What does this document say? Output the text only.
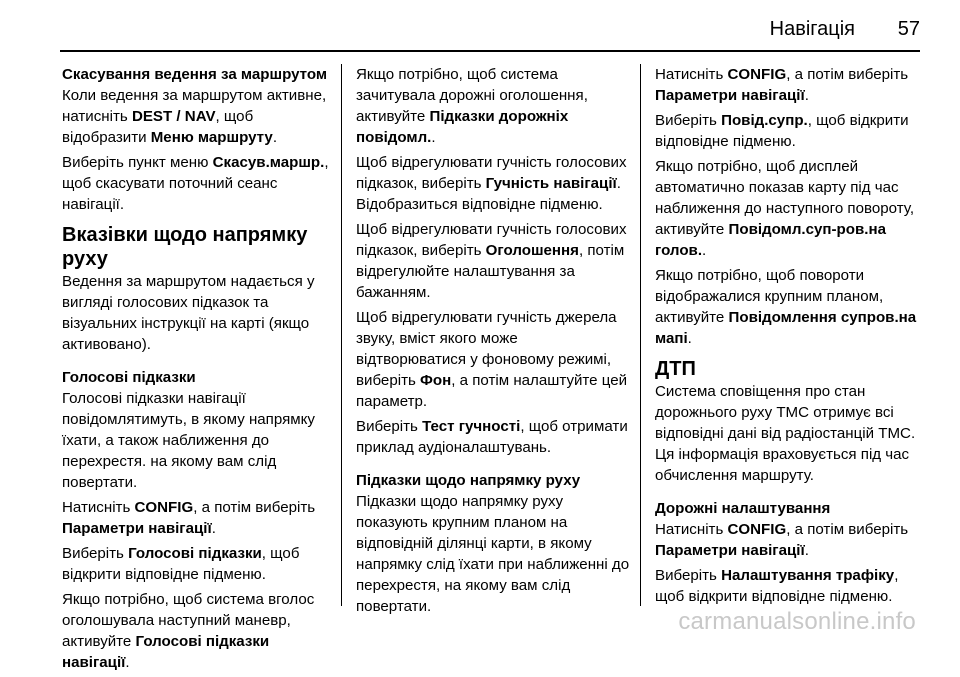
Навігація 57
Скасування ведення за маршрутом

Коли ведення за маршрутом активне, натисніть DEST / NAV, щоб відобразити Меню маршруту.

Виберіть пункт меню Скасув.маршр., щоб скасувати поточний сеанс навігації.

Вказівки щодо напрямку руху

Ведення за маршрутом надається у вигляді голосових підказок та візуальних інструкції на карті (якщо активовано).

Голосові підказки

Голосові підказки навігації повідомлятимуть, в якому напрямку їхати, а також наближення до перехрестя. на якому вам слід повертати.

Натисніть CONFIG, а потім виберіть Параметри навігації.

Виберіть Голосові підказки, щоб відкрити відповідне підменю.

Якщо потрібно, щоб система вголос оголошувала наступний маневр, активуйте Голосові підказки навігації.

Якщо потрібно, щоб система зачитувала дорожні оголошення, активуйте Підказки дорожніх повідомл..

Щоб відрегулювати гучність голосових підказок, виберіть Гучність навігації. Відобразиться відповідне підменю.

Щоб відрегулювати гучність голосових підказок, виберіть Оголошення, потім відрегулюйте налаштування за бажанням.

Щоб відрегулювати гучність джерела звуку, вміст якого може відтворюватися у фоновому режимі, виберіть Фон, а потім налаштуйте цей параметр.

Виберіть Тест гучності, щоб отримати приклад аудіоналаштувань.

Підказки щодо напрямку руху

Підказки щодо напрямку руху показують крупним планом на відповідній ділянці карти, в якому напрямку слід їхати при наближенні до перехрестя, на якому вам слід повертати.

Натисніть CONFIG, а потім виберіть Параметри навігації.

Виберіть Повід.супр., щоб відкрити відповідне підменю.

Якщо потрібно, щоб дисплей автоматично показав карту під час наближення до наступного повороту, активуйте Повідомл.суп-ров.на голов..

Якщо потрібно, щоб повороти відображалися крупним планом, активуйте Повідомлення супров.на мапі.

ДТП

Система сповіщення про стан дорожнього руху TMC отримує всі відповідні дані від радіостанцій TMC. Ця інформація враховується під час обчислення маршруту.

Дорожні налаштування

Натисніть CONFIG, а потім виберіть Параметри навігації.

Виберіть Налаштування трафіку, щоб відкрити відповідне підменю.

carmanualsonline.info
